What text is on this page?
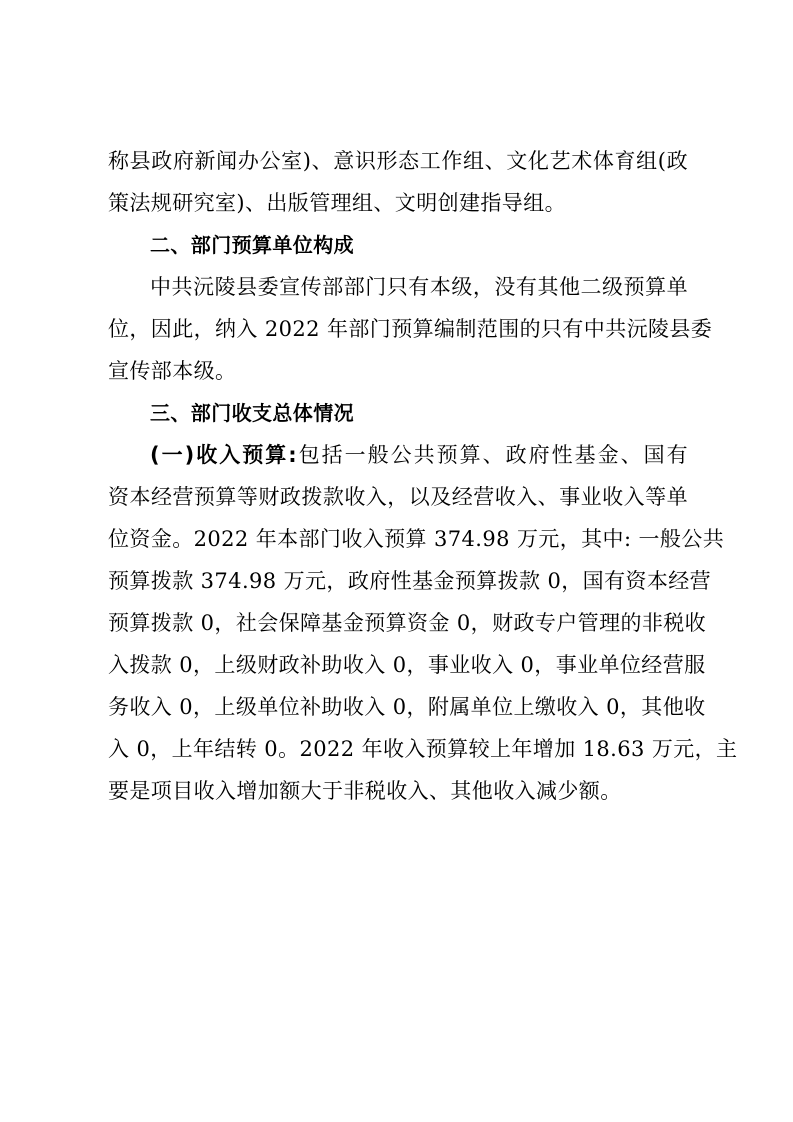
称县政府新闻办公室)、意识形态工作组、文化艺术体育组(政
策法规研究室)、出版管理组、文明创建指导组。
二、部门预算单位构成
中共沅陵县委宣传部部门只有本级，没有其他二级预算单
位，因此，纳入 2022 年部门预算编制范围的只有中共沅陵县委
宣传部本级。
三、部门收支总体情况
(一)收入预算:包括一般公共预算、政府性基金、国有
资本经营预算等财政拨款收入，以及经营收入、事业收入等单
位资金。2022 年本部门收入预算 374.98 万元，其中: 一般公共
预算拨款 374.98 万元，政府性基金预算拨款 0，国有资本经营
预算拨款 0，社会保障基金预算资金 0，财政专户管理的非税收
入拨款 0，上级财政补助收入 0，事业收入 0，事业单位经营服
务收入 0，上级单位补助收入 0，附属单位上缴收入 0，其他收
入 0，上年结转 0。2022 年收入预算较上年增加 18.63 万元，主
要是项目收入增加额大于非税收入、其他收入减少额。
